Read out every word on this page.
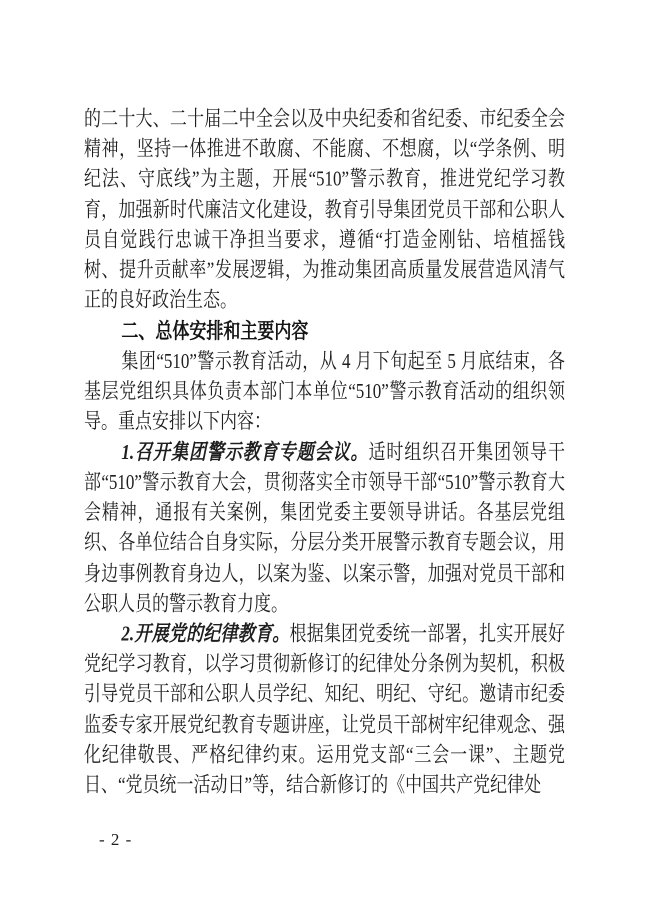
的二十大、二十届二中全会以及中央纪委和省纪委、市纪委全会精神，坚持一体推进不敢腐、不能腐、不想腐，以“学条例、明纪法、守底线”为主题，开展“510”警示教育，推进党纪学习教育，加强新时代廉洁文化建设，教育引导集团党员干部和公职人员自觉践行忠诚干净担当要求，遵循“打造金刚钻、培植摇钱树、提升贡献率”发展逻辑，为推动集团高质量发展营造风清气正的良好政治生态。

二、总体安排和主要内容

集团“510”警示教育活动，从 4 月下旬起至 5 月底结束，各基层党组织具体负责本部门本单位“510”警示教育活动的组织领导。重点安排以下内容：

1.召开集团警示教育专题会议。适时组织召开集团领导干部“510”警示教育大会，贯彻落实全市领导干部“510”警示教育大会精神，通报有关案例，集团党委主要领导讲话。各基层党组织、各单位结合自身实际，分层分类开展警示教育专题会议，用身边事例教育身边人，以案为鉴、以案示警，加强对党员干部和公职人员的警示教育力度。

2.开展党的纪律教育。根据集团党委统一部署，扎实开展好党纪学习教育，以学习贯彻新修订的纪律处分条例为契机，积极引导党员干部和公职人员学纪、知纪、明纪、守纪。邀请市纪委监委专家开展党纪教育专题讲座，让党员干部树牢纪律观念、强化纪律敬畏、严格纪律约束。运用党支部“三会一课”、主题党日、“党员统一活动日”等，结合新修订的《中国共产党纪律处

- 2 -
